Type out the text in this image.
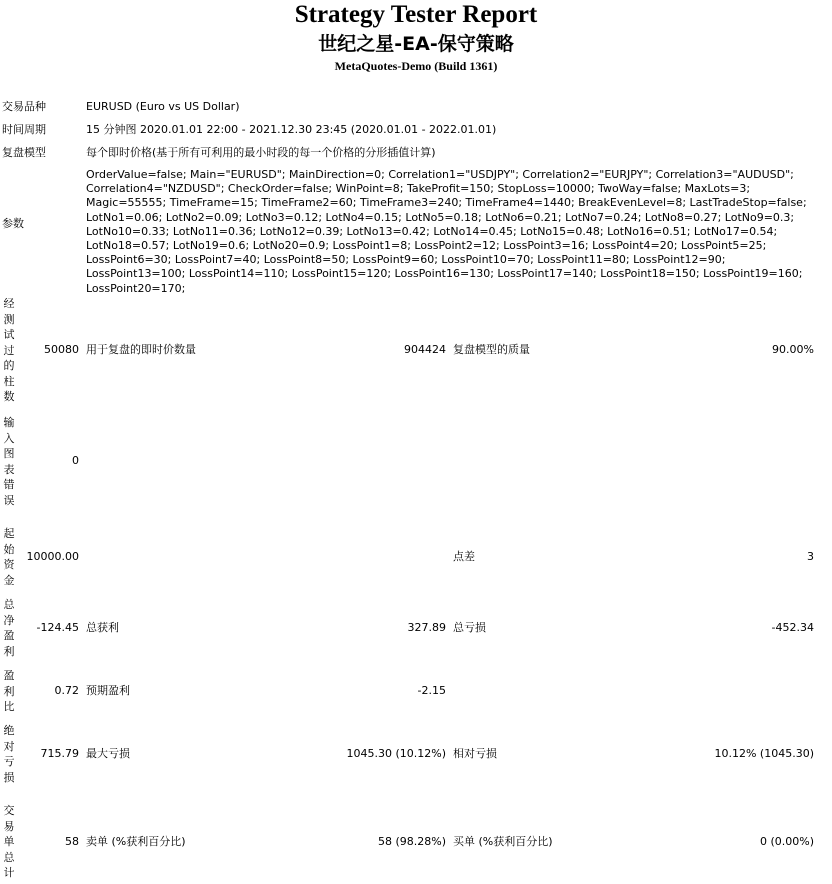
Strategy Tester Report
世纪之星-EA-保守策略
MetaQuotes-Demo (Build 1361)
交易品种	EURUSD (Euro vs US Dollar)
时间周期	15 分钟图 2020.01.01 22:00 - 2021.12.30 23:45 (2020.01.01 - 2022.01.01)
复盘模型	每个即时价格(基于所有可利用的最小时段的每一个价格的分形插值计算)
参数
OrderValue=false; Main="EURUSD"; MainDirection=0; Correlation1="USDJPY"; Correlation2="EURJPY"; Correlation3="AUDUSD"; Correlation4="NZDUSD"; CheckOrder=false; WinPoint=8; TakeProfit=150; StopLoss=10000; TwoWay=false; MaxLots=3; Magic=55555; TimeFrame=15; TimeFrame2=60; TimeFrame3=240; TimeFrame4=1440; BreakEvenLevel=8; LastTradeStop=false; LotNo1=0.06; LotNo2=0.09; LotNo3=0.12; LotNo4=0.15; LotNo5=0.18; LotNo6=0.21; LotNo7=0.24; LotNo8=0.27; LotNo9=0.3; LotNo10=0.33; LotNo11=0.36; LotNo12=0.39; LotNo13=0.42; LotNo14=0.45; LotNo15=0.48; LotNo16=0.51; LotNo17=0.54; LotNo18=0.57; LotNo19=0.6; LotNo20=0.9; LossPoint1=8; LossPoint2=12; LossPoint3=16; LossPoint4=20; LossPoint5=25; LossPoint6=30; LossPoint7=40; LossPoint8=50; LossPoint9=60; LossPoint10=70; LossPoint11=80; LossPoint12=90; LossPoint13=100; LossPoint14=110; LossPoint15=120; LossPoint16=130; LossPoint17=140; LossPoint18=150; LossPoint19=160; LossPoint20=170;
经测试过的柱数
50080 用于复盘的即时价数量	904424 复盘模型的质量	90.00%
输入图表错误
0
起始资金
10000.00	点差	3
总净盈利
-124.45 总获利	327.89 总亏损	-452.34
盈利比
0.72 预期盈利	-2.15
绝对亏损
715.79 最大亏损	1045.30 (10.12%) 相对亏损	10.12% (1045.30)
交易单总计
58 卖单 (%获利百分比)	58 (98.28%) 买单 (%获利百分比)	0 (0.00%)
